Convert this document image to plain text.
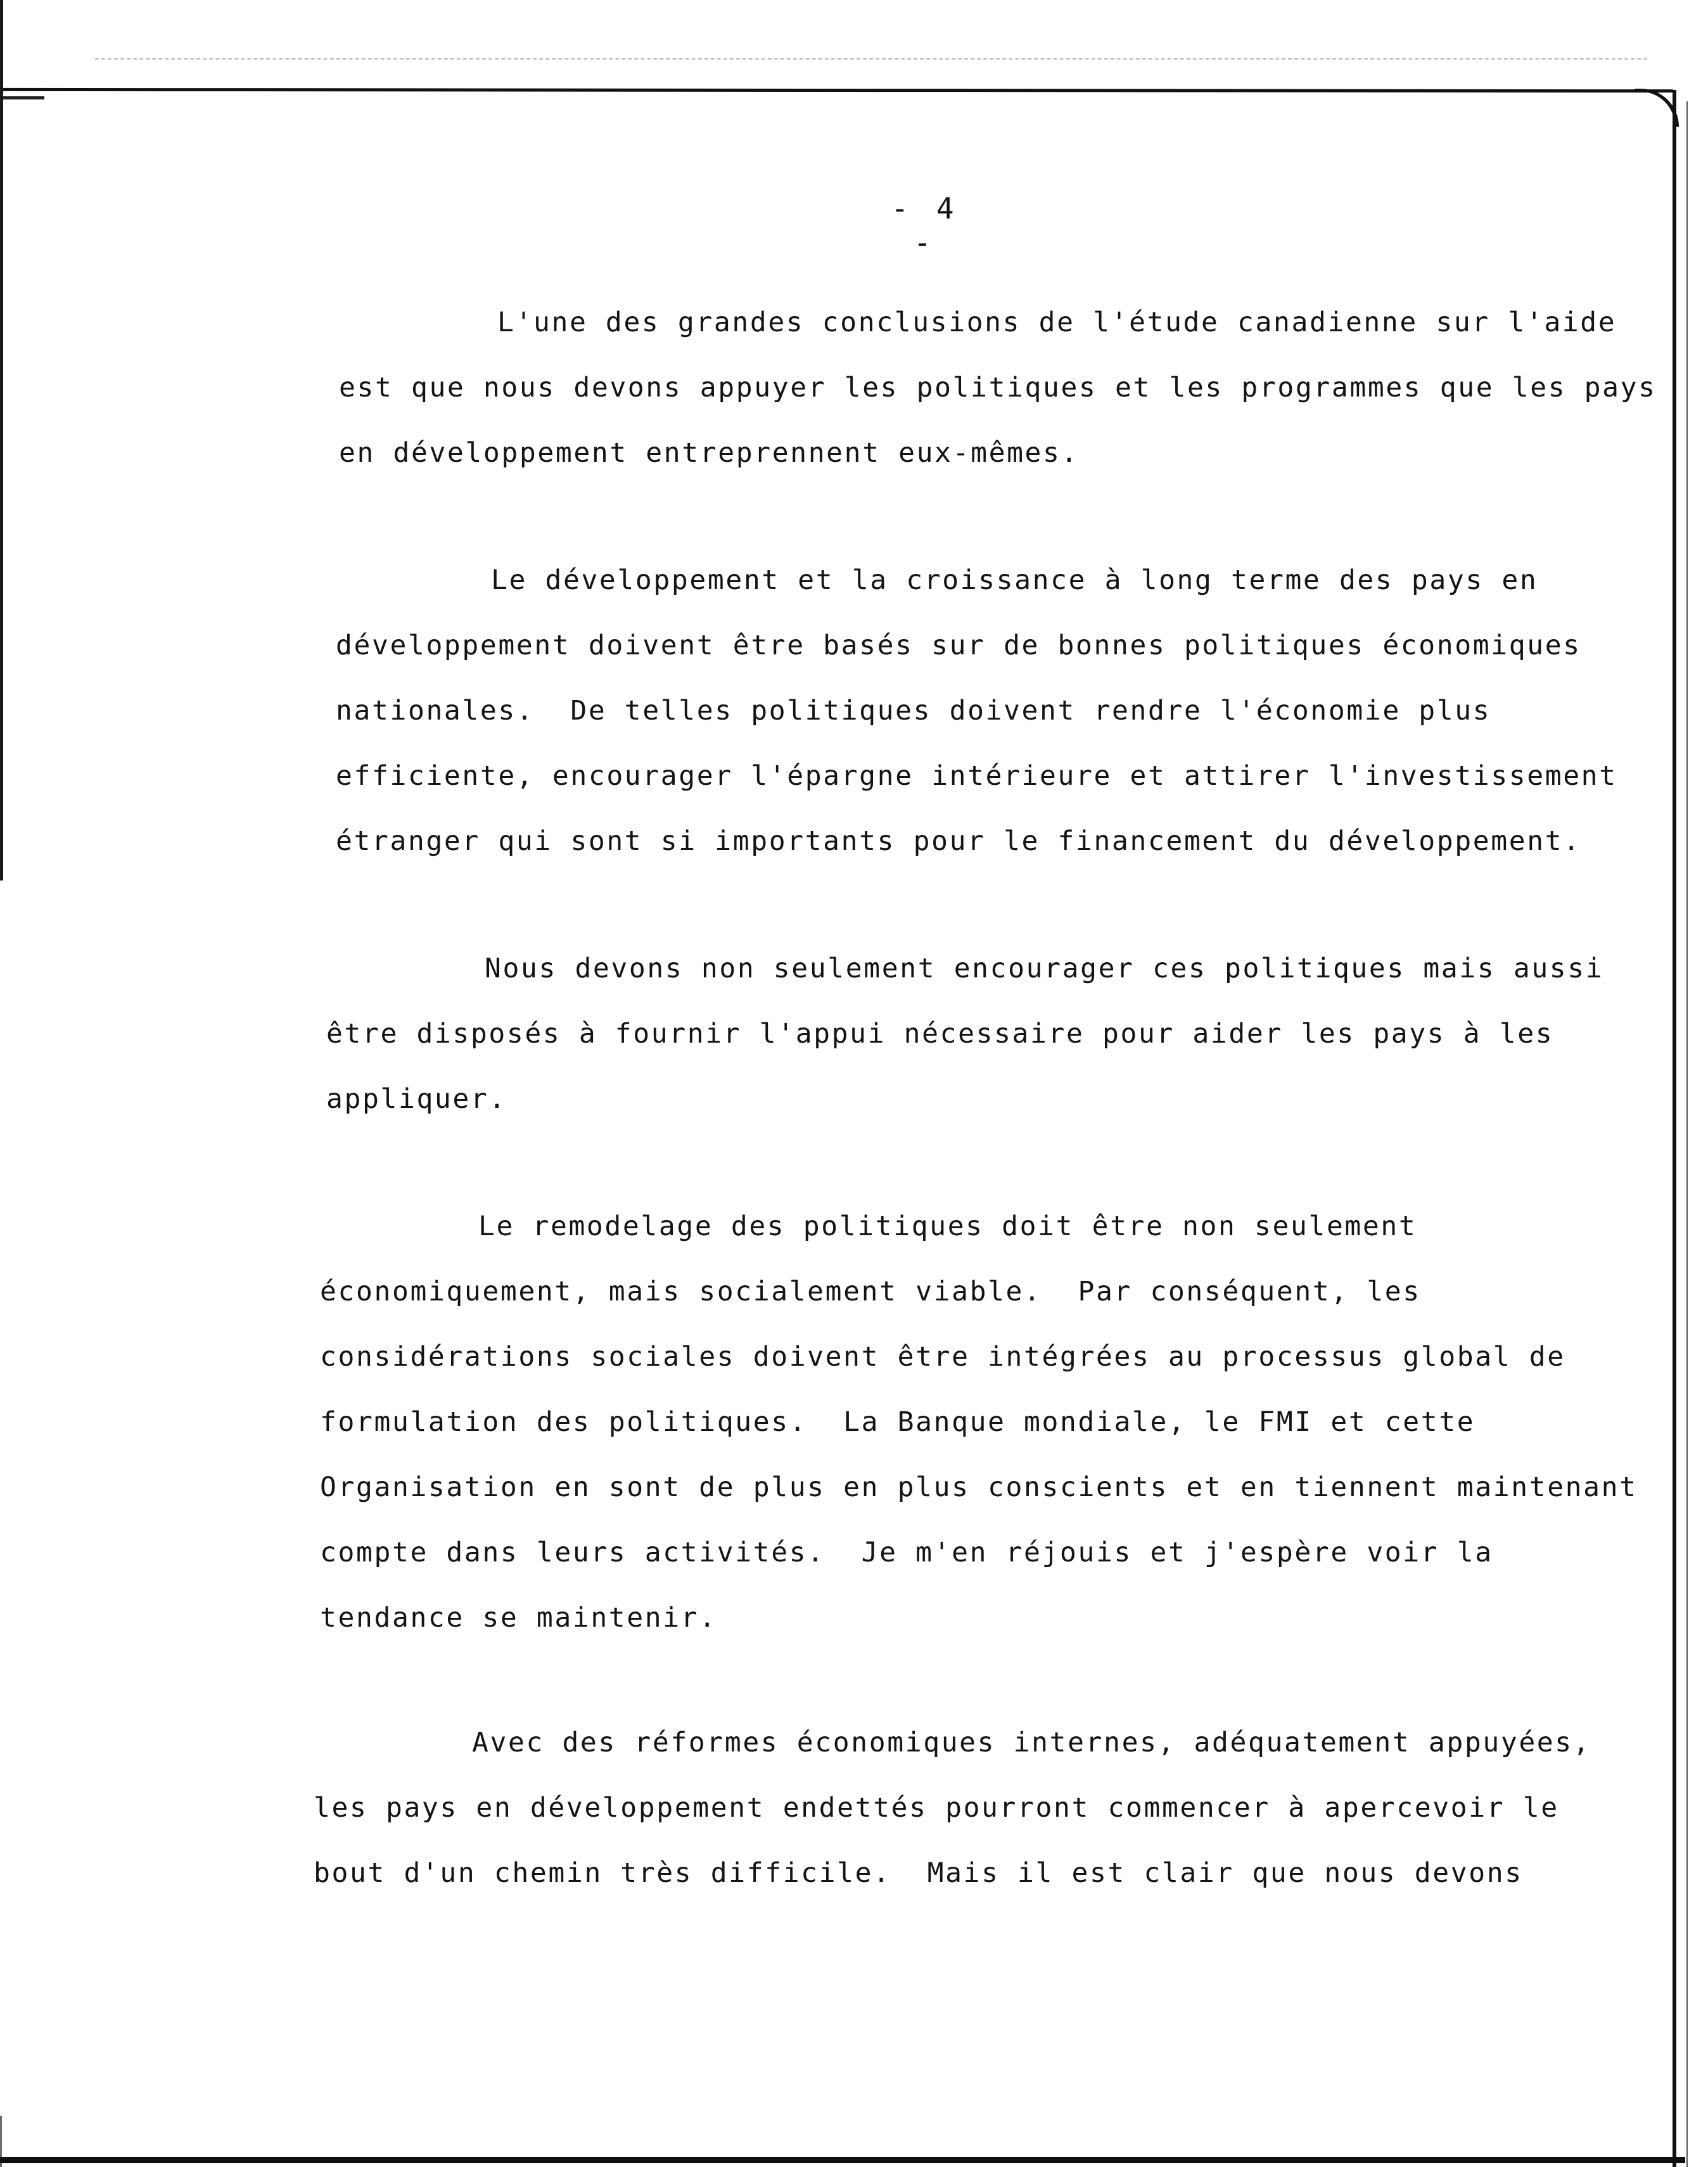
- 4 -

L'une des grandes conclusions de l'étude canadienne sur l'aide
est que nous devons appuyer les politiques et les programmes que les pays
en développement entreprennent eux-mêmes.

Le développement et la croissance à long terme des pays en
développement doivent être basés sur de bonnes politiques économiques
nationales.  De telles politiques doivent rendre l'économie plus
efficiente, encourager l'épargne intérieure et attirer l'investissement
étranger qui sont si importants pour le financement du développement.

Nous devons non seulement encourager ces politiques mais aussi
être disposés à fournir l'appui nécessaire pour aider les pays à les
appliquer.

Le remodelage des politiques doit être non seulement
économiquement, mais socialement viable.  Par conséquent, les
considérations sociales doivent être intégrées au processus global de
formulation des politiques.  La Banque mondiale, le FMI et cette
Organisation en sont de plus en plus conscients et en tiennent maintenant
compte dans leurs activités.  Je m'en réjouis et j'espère voir la
tendance se maintenir.

Avec des réformes économiques internes, adéquatement appuyées,
les pays en développement endettés pourront commencer à apercevoir le
bout d'un chemin très difficile.  Mais il est clair que nous devons
